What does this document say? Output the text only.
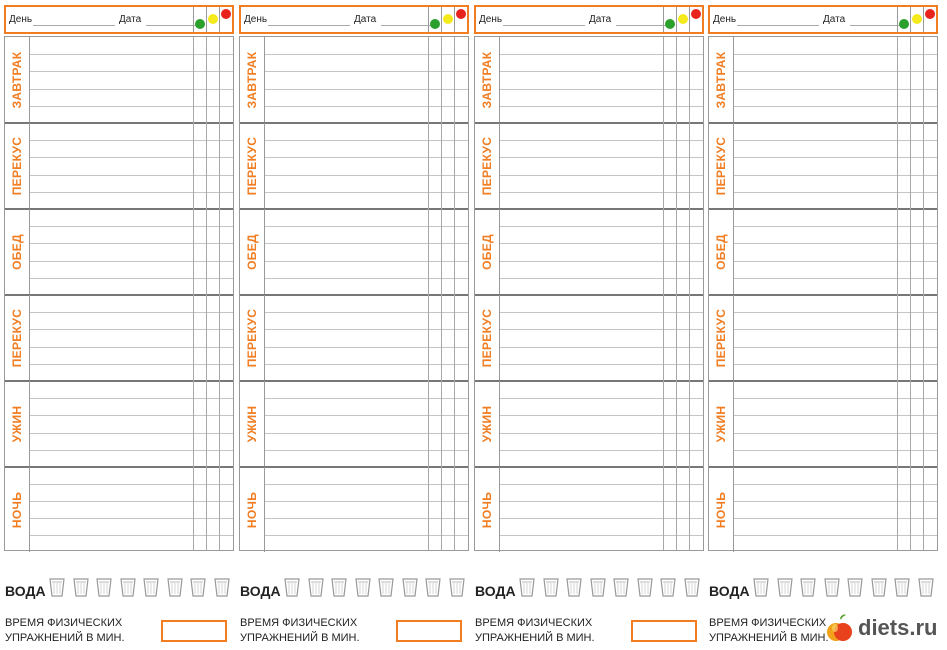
День	Дата
ЗАВТРАК
ПЕРЕКУС
ОБЕД
ПЕРЕКУС
УЖИН
НОЧЬ
ВОДА
ВРЕМЯ ФИЗИЧЕСКИХ
УПРАЖНЕНИЙ В МИН.
День	Дата
ЗАВТРАК
ПЕРЕКУС
ОБЕД
ПЕРЕКУС
УЖИН
НОЧЬ
ВОДА
ВРЕМЯ ФИЗИЧЕСКИХ
УПРАЖНЕНИЙ В МИН.
День	Дата
ЗАВТРАК
ПЕРЕКУС
ОБЕД
ПЕРЕКУС
УЖИН
НОЧЬ
ВОДА
ВРЕМЯ ФИЗИЧЕСКИХ
УПРАЖНЕНИЙ В МИН.
День	Дата
ЗАВТРАК
ПЕРЕКУС
ОБЕД
ПЕРЕКУС
УЖИН
НОЧЬ
ВОДА
ВРЕМЯ ФИЗИЧЕСКИХ
УПРАЖНЕНИЙ В МИН. diets.ru
